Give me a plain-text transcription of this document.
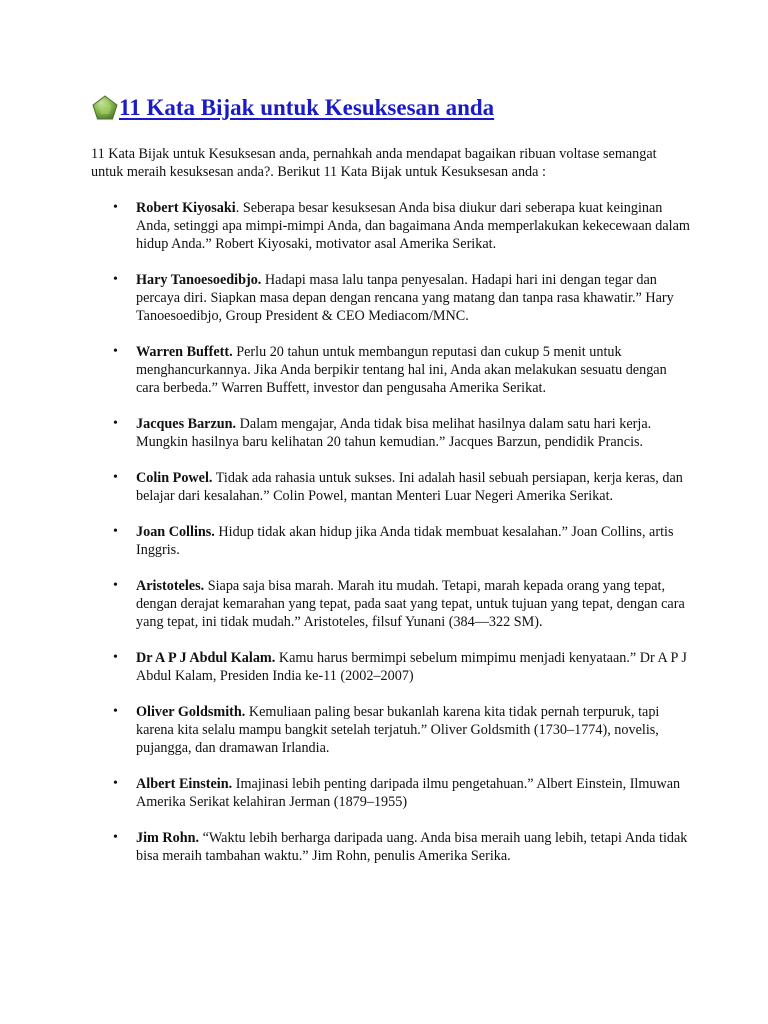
11 Kata Bijak untuk Kesuksesan anda

11 Kata Bijak untuk Kesuksesan anda, pernahkah anda mendapat bagaikan ribuan voltase semangat untuk meraih kesuksesan anda?. Berikut 11 Kata Bijak untuk Kesuksesan anda :

• Robert Kiyosaki. Seberapa besar kesuksesan Anda bisa diukur dari seberapa kuat keinginan Anda, setinggi apa mimpi-mimpi Anda, dan bagaimana Anda memperlakukan kekecewaan dalam hidup Anda.” Robert Kiyosaki, motivator asal Amerika Serikat.
• Hary Tanoesoedibjo. Hadapi masa lalu tanpa penyesalan. Hadapi hari ini dengan tegar dan percaya diri. Siapkan masa depan dengan rencana yang matang dan tanpa rasa khawatir.” Hary Tanoesoedibjo, Group President & CEO Mediacom/MNC.
• Warren Buffett. Perlu 20 tahun untuk membangun reputasi dan cukup 5 menit untuk menghancurkannya. Jika Anda berpikir tentang hal ini, Anda akan melakukan sesuatu dengan cara berbeda.” Warren Buffett, investor dan pengusaha Amerika Serikat.
• Jacques Barzun. Dalam mengajar, Anda tidak bisa melihat hasilnya dalam satu hari kerja. Mungkin hasilnya baru kelihatan 20 tahun kemudian.” Jacques Barzun, pendidik Prancis.
• Colin Powel. Tidak ada rahasia untuk sukses. Ini adalah hasil sebuah persiapan, kerja keras, dan belajar dari kesalahan.” Colin Powel, mantan Menteri Luar Negeri Amerika Serikat.
• Joan Collins. Hidup tidak akan hidup jika Anda tidak membuat kesalahan.” Joan Collins, artis Inggris.
• Aristoteles. Siapa saja bisa marah. Marah itu mudah. Tetapi, marah kepada orang yang tepat, dengan derajat kemarahan yang tepat, pada saat yang tepat, untuk tujuan yang tepat, dengan cara yang tepat, ini tidak mudah.” Aristoteles, filsuf Yunani (384—322 SM).
• Dr A P J Abdul Kalam. Kamu harus bermimpi sebelum mimpimu menjadi kenyataan.” Dr A P J Abdul Kalam, Presiden India ke-11 (2002–2007)
• Oliver Goldsmith. Kemuliaan paling besar bukanlah karena kita tidak pernah terpuruk, tapi karena kita selalu mampu bangkit setelah terjatuh.” Oliver Goldsmith (1730–1774), novelis, pujangga, dan dramawan Irlandia.
• Albert Einstein. Imajinasi lebih penting daripada ilmu pengetahuan.” Albert Einstein, Ilmuwan Amerika Serikat kelahiran Jerman (1879–1955)
• Jim Rohn. “Waktu lebih berharga daripada uang. Anda bisa meraih uang lebih, tetapi Anda tidak bisa meraih tambahan waktu.” Jim Rohn, penulis Amerika Serika.
